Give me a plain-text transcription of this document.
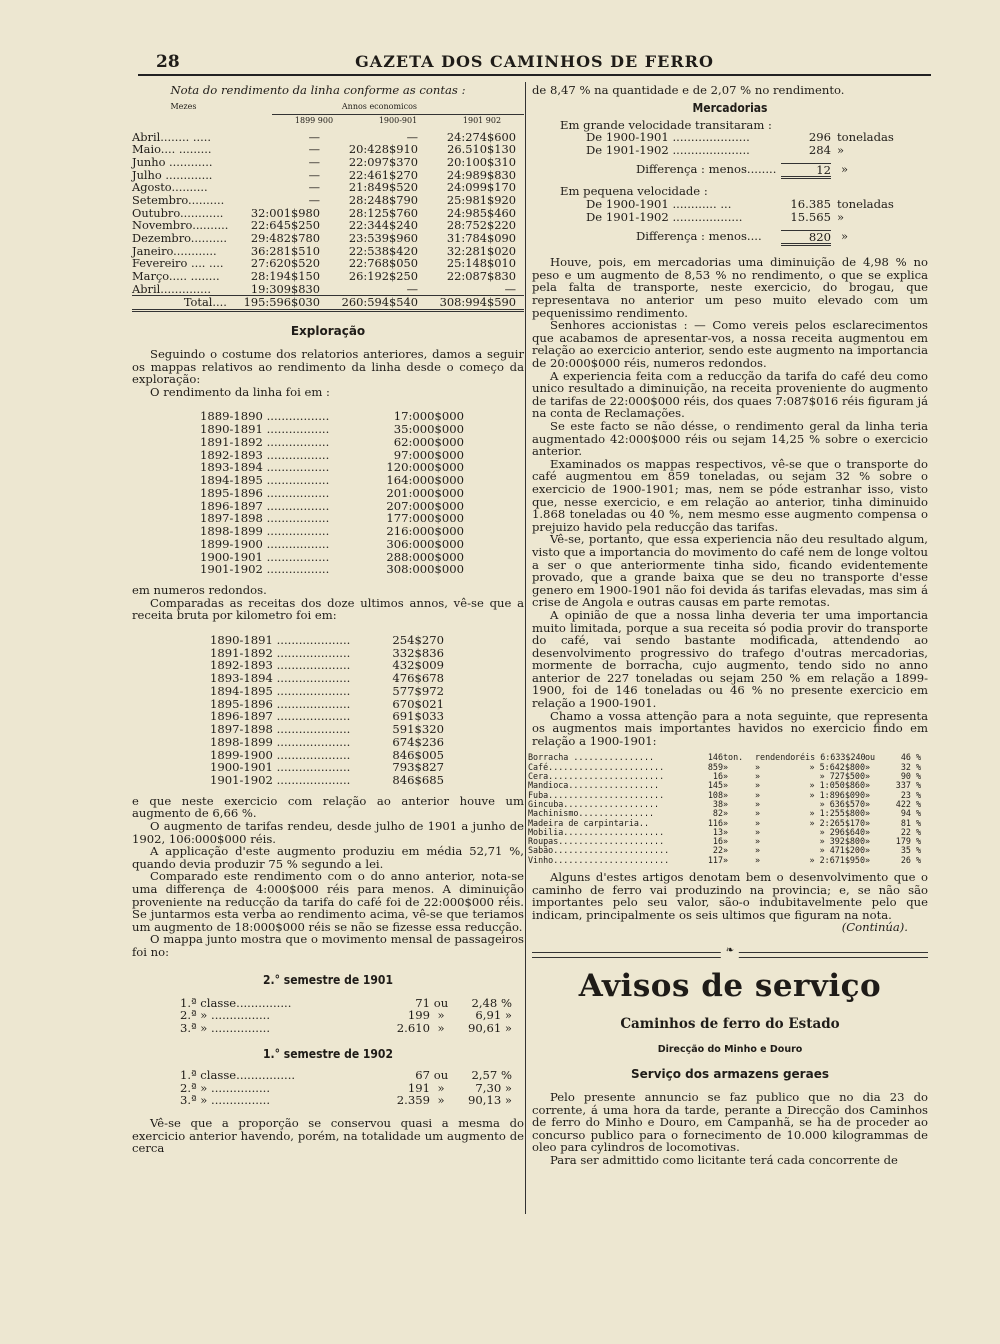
28	GAZETA DOS CAMINHOS DE FERRO
Nota do rendimento da linha conforme as contas :
Mezes	Annos economicos
1899 900	1900-901	1901 902
Abril........ .....	—	—	24:274$600
Maio.... .........	—	20:428$910	26.510$130
Junho ............	—	22:097$370	20:100$310
Julho .............	—	22:461$270	24:989$830
Agosto..........	—	21:849$520	24:099$170
Setembro..........	—	28:248$790	25:981$920
Outubro............	32:001$980	28:125$760	24:985$460
Novembro..........	22:645$250	22:344$240	28:752$220
Dezembro..........	29:482$780	23:539$960	31:784$090
Janeiro............	36:281$510	22:538$420	32:281$020
Fevereiro .... ....	27:620$520	22:768$050	25:148$010
Março..... ........	28:194$150	26:192$250	22:087$830
Abril..............	19:309$830	—	—
Total....	195:596$030	260:594$540	308:994$590
Exploração

Seguindo o costume dos relatorios anteriores, damos a seguir os mappas relativos ao rendimento da linha desde o começo da exploração:

O rendimento da linha foi em :

1889-1890 .................	17:000$000
1890-1891 .................	35:000$000
1891-1892 .................	62:000$000
1892-1893 .................	97:000$000
1893-1894 .................	120:000$000
1894-1895 .................	164:000$000
1895-1896 .................	201:000$000
1896-1897 .................	207:000$000
1897-1898 .................	177:000$000
1898-1899 .................	216:000$000
1899-1900 .................	306:000$000
1900-1901 .................	288:000$000
1901-1902 .................	308:000$000

em numeros redondos.

Comparadas as receitas dos doze ultimos annos, vê-se que a receita bruta por kilometro foi em:

1890-1891 ....................	254$270
1891-1892 ....................	332$836
1892-1893 ....................	432$009
1893-1894 ....................	476$678
1894-1895 ....................	577$972
1895-1896 ....................	670$021
1896-1897 ....................	691$033
1897-1898 ....................	591$320
1898-1899 ....................	674$236
1899-1900 ....................	846$005
1900-1901 ....................	793$827
1901-1902 ....................	846$685

e que neste exercicio com relação ao anterior houve um augmento de 6,66 %.

O augmento de tarifas rendeu, desde julho de 1901 a junho de 1902, 106:000$000 réis.

A applicação d'este augmento produziu em média 52,71 %, quando devia produzir 75 % segundo a lei.

Comparado este rendimento com o do anno anterior, nota-se uma differença de 4:000$000 réis para menos. A diminuição proveniente na reducção da tarifa do café foi de 22:000$000 réis. Se juntarmos esta verba ao rendimento acima, vê-se que teriamos um augmento de 18:000$000 réis se não se fizesse essa reducção.

O mappa junto mostra que o movimento mensal de passageiros foi no:

2.° semestre de 1901
1.ª classe...............	71 ou	2,48 %
2.ª » ................	199 »	6,91 »
3.ª » ................	2.610 »	90,61 »
1.° semestre de 1902
1.ª classe................	67 ou	2,57 %
2.ª » ................	191 »	7,30 »
3.ª » ................	2.359 »	90,13 »

Vê-se que a proporção se conservou quasi a mesma do exercicio anterior havendo, porém, na totalidade um augmento de cerca

de 8,47 % na quantidade e de 2,07 % no rendimento.

Mercadorias
Em grande velocidade transitaram :
De 1900-1901 .....................	296 toneladas
De 1901-1902 .....................	284 »
Differença : menos........	12 »
Em pequena velocidade :
De 1900-1901 ............ ...	16.385 toneladas
De 1901-1902 ...................	15.565 »
Differença : menos....	820 »

Houve, pois, em mercadorias uma diminuição de 4,98 % no peso e um augmento de 8,53 % no rendimento, o que se explica pela falta de transporte, neste exercicio, do brogau, que representava no anterior um peso muito elevado com um pequenissimo rendimento.

Senhores accionistas : — Como vereis pelos esclarecimentos que acabamos de apresentar-vos, a nossa receita augmentou em relação ao exercicio anterior, sendo este augmento na importancia de 20:000$000 réis, numeros redondos.

A experiencia feita com a reducção da tarifa do café deu como unico resultado a diminuição, na receita proveniente do augmento de tarifas de 22:000$000 réis, dos quaes 7:087$016 réis figuram já na conta de Reclamações.

Se este facto se não désse, o rendimento geral da linha teria augmentado 42:000$000 réis ou sejam 14,25 % sobre o exercicio anterior.

Examinados os mappas respectivos, vê-se que o transporte do café augmentou em 859 toneladas, ou sejam 32 % sobre o exercicio de 1900-1901; mas, nem se póde estranhar isso, visto que, nesse exercicio, e em relação ao anterior, tinha diminuido 1.868 toneladas ou 40 %, nem mesmo esse augmento compensa o prejuizo havido pela reducção das tarifas.

Vê-se, portanto, que essa experiencia não deu resultado algum, visto que a importancia do movimento do café nem de longe voltou a ser o que anteriormente tinha sido, ficando evidentemente provado, que a grande baixa que se deu no transporte d'esse genero em 1900-1901 não foi devida ás tarifas elevadas, mas sim á crise de Angola e outras causas em parte remotas.

A opinião de que a nossa linha deveria ter uma importancia muito limitada, porque a sua receita só podia provir do transporte do café, vai sendo bastante modificada, attendendo ao desenvolvimento progressivo do trafego d'outras mercadorias, mormente de borracha, cujo augmento, tendo sido no anno anterior de 227 toneladas ou sejam 250 % em relação a 1899-1900, foi de 146 toneladas ou 46 % no presente exercicio em relação a 1900-1901.

Chamo a vossa attenção para a nota seguinte, que representa os augmentos mais importantes havidos no exercicio findo em relação a 1900-1901:

Borracha ................	146 ton.	rendendo réis 6:633$240 ou	46 %
Café.......................	859 »	»	» 5:642$800 »	32 %
Cera.......................	16 »	»	» 727$500 »	90 %
Mandioca..................	145 »	»	» 1:050$860 »	337 %
Fuba.......................	108 »	»	» 1:896$090 »	23 %
Gincuba...................	38 »	»	» 636$570 »	422 %
Machinismo...............	82 »	»	» 1:255$800 »	94 %
Madeira de carpintaria..	116 »	»	» 2:265$170 »	81 %
Mobilia....................	13 »	»	» 296$640 »	22 %
Roupas.....................	16 »	»	» 392$800 »	179 %
Sabão.......................	22 »	»	» 471$200 »	35 %
Vinho.......................	117 »	»	» 2:671$950 »	26 %

Alguns d'estes artigos denotam bem o desenvolvimento que o caminho de ferro vai produzindo na provincia; e, se não são importantes pelo seu valor, são-o indubitavelmente pelo que indicam, principalmente os seis ultimos que figuram na nota.

(Continúa).
❧
Avisos de serviço
Caminhos de ferro do Estado
Direcção do Minho e Douro
Serviço dos armazens geraes

Pelo presente annuncio se faz publico que no dia 23 do corrente, á uma hora da tarde, perante a Direcção dos Caminhos de ferro do Minho e Douro, em Campanhã, se ha de proceder ao concurso publico para o fornecimento de 10.000 kilogrammas de oleo para cylindros de locomotivas.

Para ser admittido como licitante terá cada concorrente de
